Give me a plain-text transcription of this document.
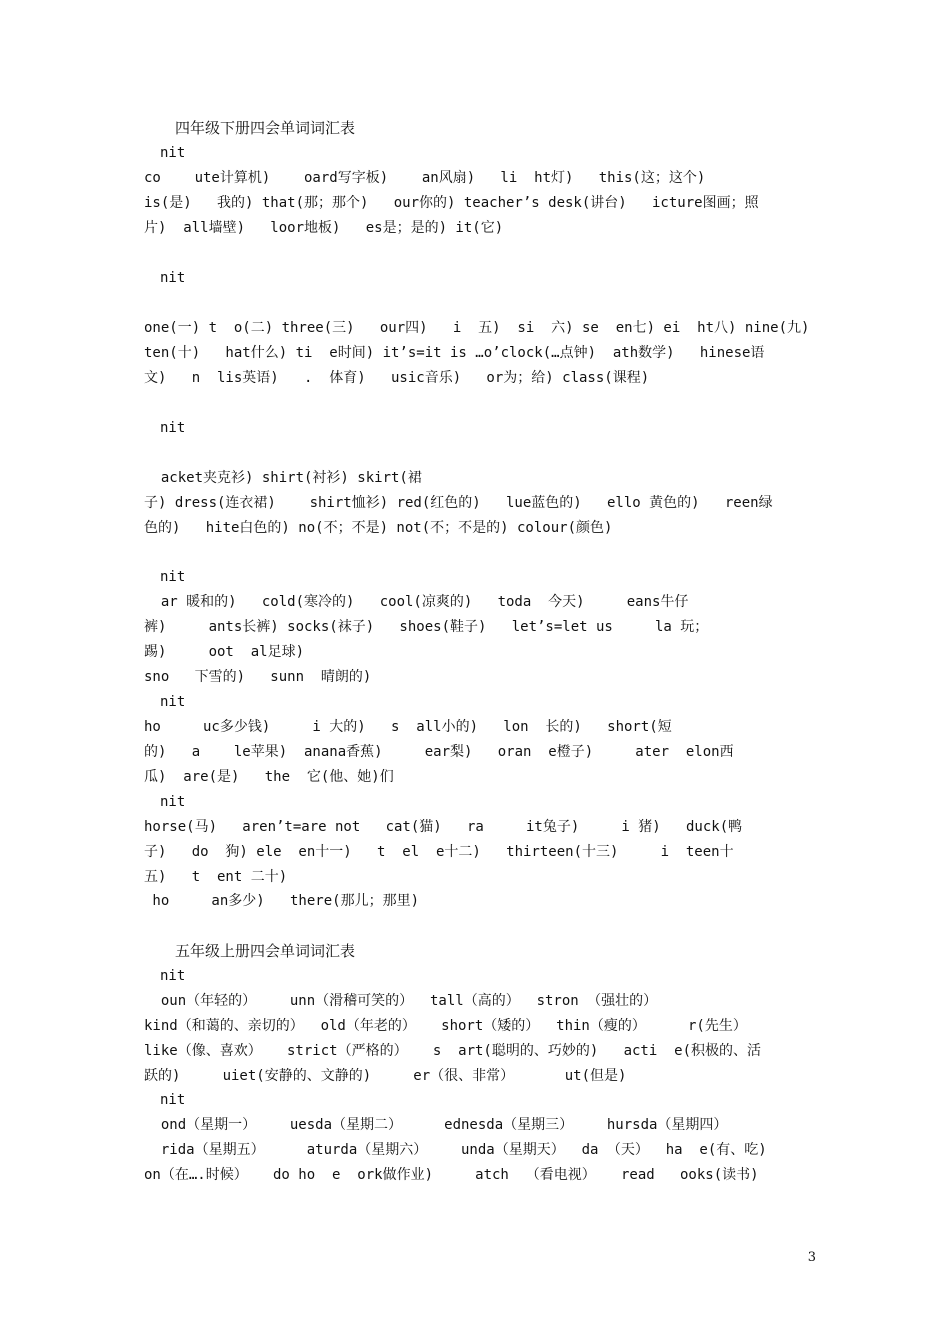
四年级下册四会单词词汇表
nit
co    ute计算机)    oard写字板)    an风扇)   li  ht灯)   this(这；这个)
is(是)   我的) that(那；那个)   our你的) teacher’s desk(讲台)   icture图画；照
片)  all墙壁)   loor地板)   es是；是的) it(它)
nit
one(一) t  o(二) three(三)   our四)   i  五)  si  六) se  en七) ei  ht八) nine(九)
ten(十)   hat什么) ti  e时间) it’s=it is …o’clock(…点钟)  ath数学)   hinese语
文)   n  lis英语)   .  体育)   usic音乐)   or为；给) class(课程)
nit
acket夹克衫) shirt(衬衫) skirt(裙
子) dress(连衣裙)    shirt恤衫) red(红色的)   lue蓝色的)   ello 黄色的)   reen绿
色的)   hite白色的) no(不；不是) not(不；不是的) colour(颜色)
nit
ar 暖和的)   cold(寒冷的)   cool(凉爽的)   toda  今天)     eans牛仔
裤)     ants长裤) socks(袜子)   shoes(鞋子)   let’s=let us     la 玩；
踢)     oot  al足球)
sno   下雪的)   sunn  晴朗的)
nit
ho     uc多少钱)     i 大的)   s  all小的)   lon  长的)   short(短
的)   a    le苹果)  anana香蕉)     ear梨)   oran  e橙子)     ater  elon西
瓜)  are(是)   the  它(他、她)们
nit
horse(马)   aren’t=are not   cat(猫)   ra     it兔子)     i 猪)   duck(鸭
子)   do  狗) ele  en十一)   t  el  e十二)   thirteen(十三)     i  teen十
五)   t  ent 二十)
ho     an多少)   there(那儿；那里)
五年级上册四会单词词汇表
nit
oun（年轻的）    unn（滑稽可笑的）  tall（高的）  stron （强壮的）
kind（和蔼的、亲切的）  old（年老的）   short（矮的）  thin（瘦的）     r(先生）
like（像、喜欢）   strict（严格的）   s  art(聪明的、巧妙的)   acti  e(积极的、活
跃的)     uiet(安静的、文静的)     er（很、非常）      ut(但是)
nit
ond（星期一）    uesda（星期二）     ednesda（星期三）    hursda（星期四）
rida（星期五）     aturda（星期六）    unda（星期天）  da （天）  ha  e(有、吃)
on（在….时候）   do ho  e  ork做作业)     atch  （看电视）   read   ooks(读书)
3
